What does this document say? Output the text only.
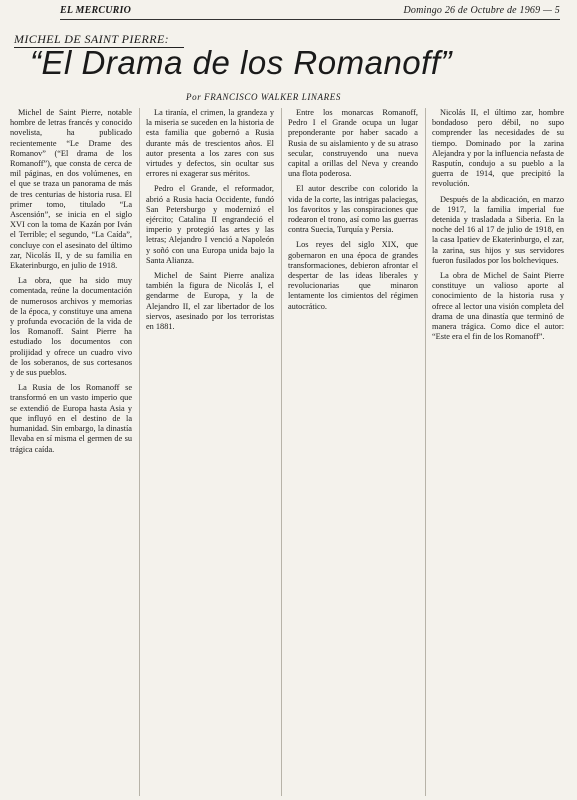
EL MERCURIO	Domingo 26 de Octubre de 1969 — 5
MICHEL DE SAINT PIERRE:
“El Drama de los Romanoff”
Por FRANCISCO WALKER LINARES

Michel de Saint Pierre, notable hombre de letras francés y conocido novelista, ha publicado recientemente “Le Drame des Romanov” (“El drama de los Romanoff”), que consta de cerca de mil páginas, en dos volúmenes, en el que se traza un panorama de más de tres centurias de historia rusa. El primer tomo, titulado “La Ascensión”, se inicia en el siglo XVI con la toma de Kazán por Iván el Terrible; el segundo, “La Caída”, concluye con el asesinato del último zar, Nicolás II, y de su familia en Ekaterinburgo, en julio de 1918.

La obra, que ha sido muy comentada, reúne la documentación de numerosos archivos y memorias de la época, y constituye una amena y profunda evocación de la vida de los Romanoff. Saint Pierre ha estudiado los documentos con prolijidad y ofrece un cuadro vivo de los soberanos, de sus cortesanos y de sus pueblos.

La Rusia de los Romanoff se transformó en un vasto imperio que se extendió de Europa hasta Asia y que influyó en el destino de la humanidad. Sin embargo, la dinastía llevaba en sí misma el germen de su trágica caída.

La tiranía, el crimen, la grandeza y la miseria se suceden en la historia de esta familia que gobernó a Rusia durante más de trescientos años. El autor presenta a los zares con sus virtudes y defectos, sin ocultar sus errores ni exagerar sus méritos.

Pedro el Grande, el reformador, abrió a Rusia hacia Occidente, fundó San Petersburgo y modernizó el ejército; Catalina II engrandeció el imperio y protegió las artes y las letras; Alejandro I venció a Napoleón y soñó con una Europa unida bajo la Santa Alianza.

Michel de Saint Pierre analiza también la figura de Nicolás I, el gendarme de Europa, y la de Alejandro II, el zar libertador de los siervos, asesinado por los terroristas en 1881.

Entre los monarcas Romanoff, Pedro I el Grande ocupa un lugar preponderante por haber sacado a Rusia de su aislamiento y de su atraso secular, construyendo una nueva capital a orillas del Neva y creando una flota poderosa.

El autor describe con colorido la vida de la corte, las intrigas palaciegas, los favoritos y las conspiraciones que rodearon el trono, así como las guerras contra Suecia, Turquía y Persia.

Los reyes del siglo XIX, que gobernaron en una época de grandes transformaciones, debieron afrontar el despertar de las ideas liberales y revolucionarias que minaron lentamente los cimientos del régimen autocrático.

Nicolás II, el último zar, hombre bondadoso pero débil, no supo comprender las necesidades de su tiempo. Dominado por la zarina Alejandra y por la influencia nefasta de Rasputín, condujo a su pueblo a la guerra de 1914, que precipitó la revolución.

Después de la abdicación, en marzo de 1917, la familia imperial fue detenida y trasladada a Siberia. En la noche del 16 al 17 de julio de 1918, en la casa Ipatiev de Ekaterinburgo, el zar, la zarina, sus hijos y sus servidores fueron fusilados por los bolcheviques.

La obra de Michel de Saint Pierre constituye un valioso aporte al conocimiento de la historia rusa y ofrece al lector una visión completa del drama de una dinastía que terminó de manera trágica. Como dice el autor: “Este era el fin de los Romanoff”.
